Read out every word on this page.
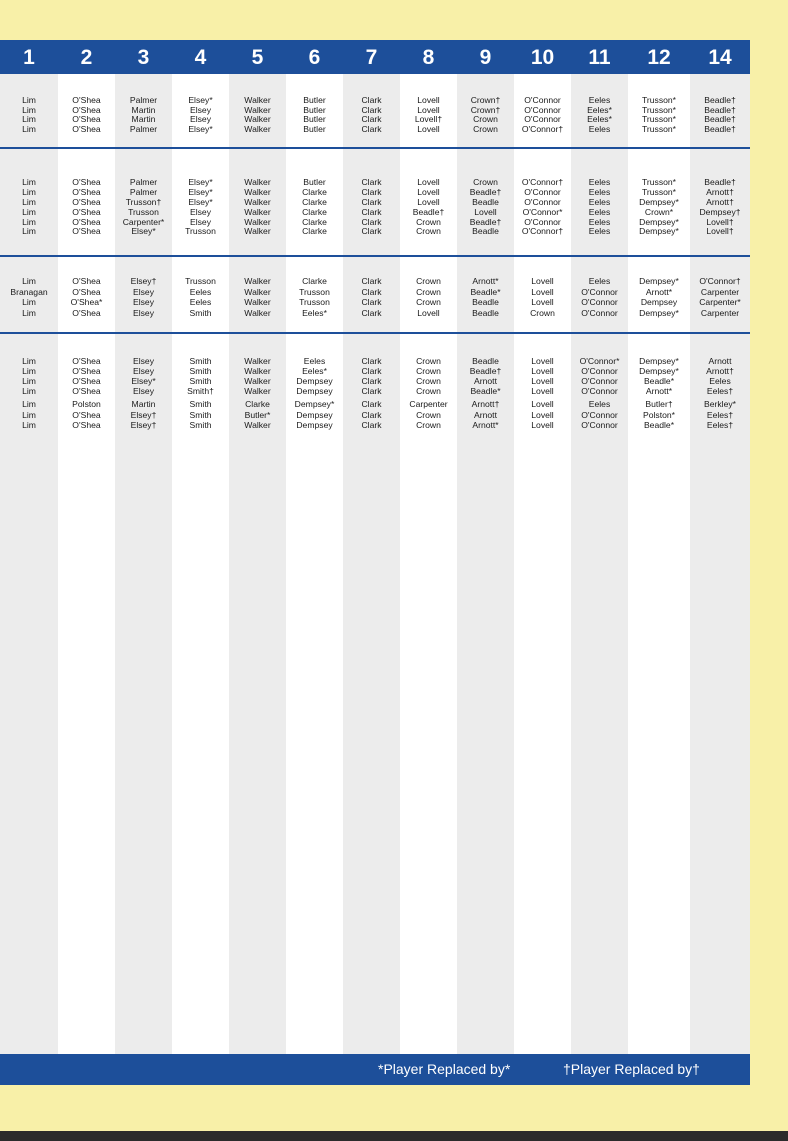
1	2	3	4	5	6	7	8	9	10	11	12	14
Lim	O'Shea	Palmer	Elsey*	Walker	Butler	Clark	Lovell	Crown†	O'Connor	Eeles	Trusson*	Beadle†
Lim	O'Shea	Martin	Elsey	Walker	Butler	Clark	Lovell	Crown†	O'Connor	Eeles*	Trusson*	Beadle†
Lim	O'Shea	Martin	Elsey	Walker	Butler	Clark	Lovell†	Crown	O'Connor	Eeles*	Trusson*	Beadle†
Lim	O'Shea	Palmer	Elsey*	Walker	Butler	Clark	Lovell	Crown	O'Connor†	Eeles	Trusson*	Beadle†
Lim	O'Shea	Palmer	Elsey*	Walker	Butler	Clark	Lovell	Crown	O'Connor†	Eeles	Trusson*	Beadle†
Lim	O'Shea	Palmer	Elsey*	Walker	Clarke	Clark	Lovell	Beadle†	O'Connor	Eeles	Trusson*	Arnott†
Lim	O'Shea	Trusson†	Elsey*	Walker	Clarke	Clark	Lovell	Beadle	O'Connor	Eeles	Dempsey*	Arnott†
Lim	O'Shea	Trusson	Elsey	Walker	Clarke	Clark	Beadle†	Lovell	O'Connor*	Eeles	Crown*	Dempsey†
Lim	O'Shea	Carpenter*	Elsey	Walker	Clarke	Clark	Crown	Beadle†	O'Connor	Eeles	Dempsey*	Lovell†
Lim	O'Shea	Elsey*	Trusson	Walker	Clarke	Clark	Crown	Beadle	O'Connor†	Eeles	Dempsey*	Lovell†
Lim	O'Shea	Elsey†	Trusson	Walker	Clarke	Clark	Crown	Arnott*	Lovell	Eeles	Dempsey*	O'Connor†
Branagan	O'Shea	Elsey	Eeles	Walker	Trusson	Clark	Crown	Beadle*	Lovell	O'Connor	Arnott*	Carpenter
Lim	O'Shea*	Elsey	Eeles	Walker	Trusson	Clark	Crown	Beadle	Lovell	O'Connor	Dempsey	Carpenter*
Lim	O'Shea	Elsey	Smith	Walker	Eeles*	Clark	Lovell	Beadle	Crown	O'Connor	Dempsey*	Carpenter
Lim	O'Shea	Elsey	Smith	Walker	Eeles	Clark	Crown	Beadle	Lovell	O'Connor*	Dempsey*	Arnott
Lim	O'Shea	Elsey	Smith	Walker	Eeles*	Clark	Crown	Beadle†	Lovell	O'Connor	Dempsey*	Arnott†
Lim	O'Shea	Elsey*	Smith	Walker	Dempsey	Clark	Crown	Arnott	Lovell	O'Connor	Beadle*	Eeles
Lim	O'Shea	Elsey	Smith†	Walker	Dempsey	Clark	Crown	Beadle*	Lovell	O'Connor	Arnott*	Eeles†
Lim	Polston	Martin	Smith	Clarke	Dempsey*	Clark	Carpenter	Arnott†	Lovell	Eeles	Butler†	Berkley*
Lim	O'Shea	Elsey†	Smith	Butler*	Dempsey	Clark	Crown	Arnott	Lovell	O'Connor	Polston*	Eeles†
Lim	O'Shea	Elsey†	Smith	Walker	Dempsey	Clark	Crown	Arnott*	Lovell	O'Connor	Beadle*	Eeles†
*Player Replaced by*	†Player Replaced by†
